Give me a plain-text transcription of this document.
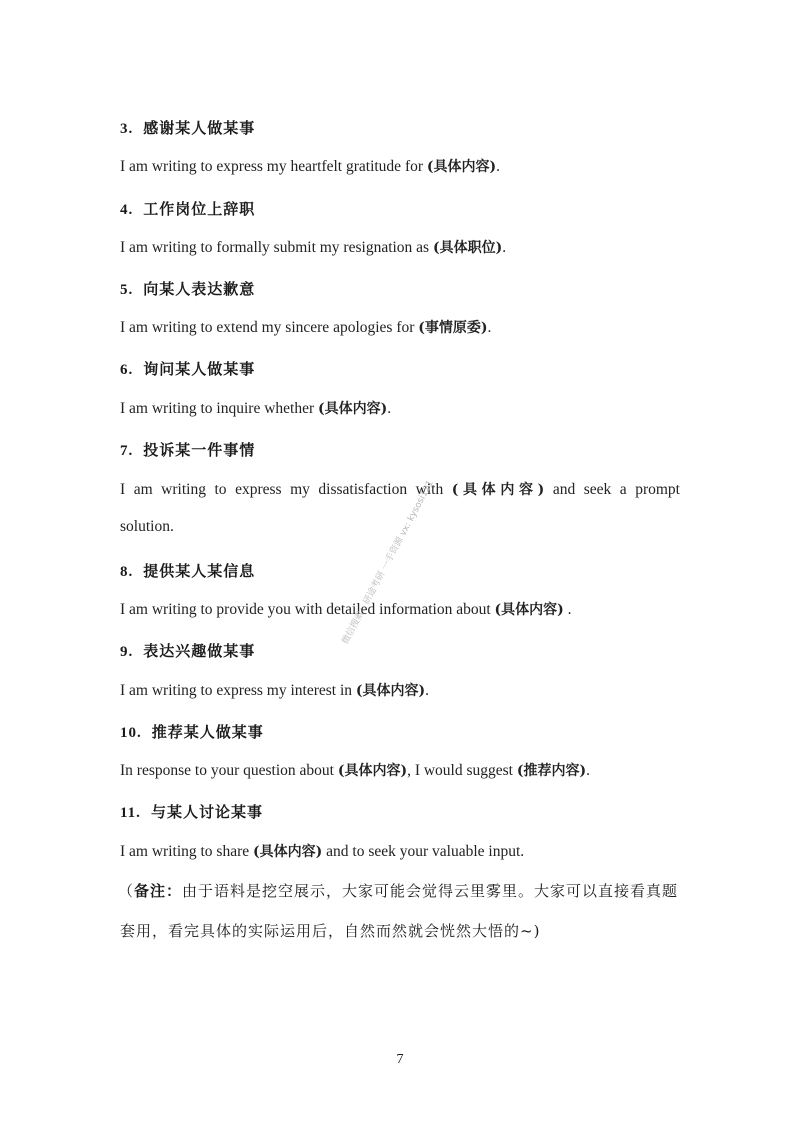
3. 感谢某人做某事
I am writing to express my heartfelt gratitude for (具体内容).
4. 工作岗位上辞职
I am writing to formally submit my resignation as (具体职位).
5. 向某人表达歉意
I am writing to extend my sincere apologies for (事情原委).
6. 询问某人做某事
I am writing to inquire whether (具体内容).
7. 投诉某一件事情
I am writing to express my dissatisfaction with (具体内容) and seek a prompt
solution.
8. 提供某人某信息
I am writing to provide you with detailed information about (具体内容) .
9. 表达兴趣做某事
I am writing to express my interest in (具体内容).
10. 推荐某人做某事
In response to your question about (具体内容), I would suggest (推荐内容).
11. 与某人讨论某事
I am writing to share (具体内容) and to seek your valuable input.
（备注：由于语料是挖空展示，大家可能会觉得云里雾里。大家可以直接看真题
套用，看完具体的实际运用后，自然而然就会恍然大悟的~)
微信搜索：研途考研 一手资源 vx: kysosi121
7
